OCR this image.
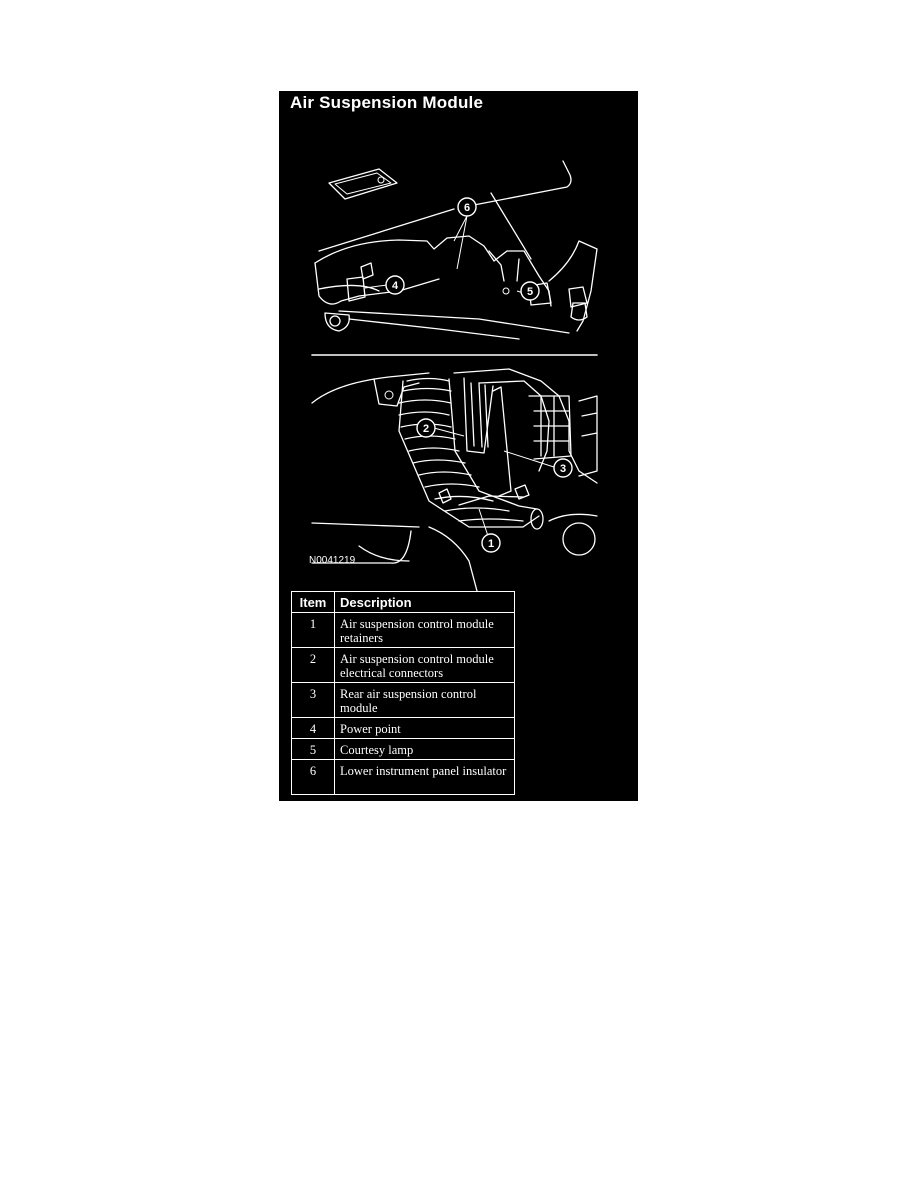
Air Suspension Module
6
4	5
2
3
1
N0041219
Item	Description
1	Air suspension control module retainers
2	Air suspension control module electrical connectors
3	Rear air suspension control module
4	Power point
5	Courtesy lamp
6	Lower instrument panel insulator
